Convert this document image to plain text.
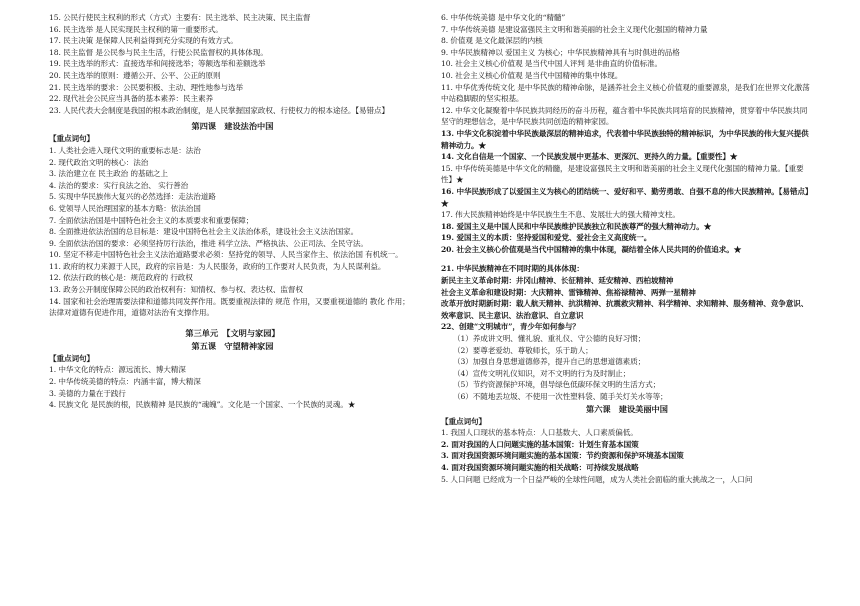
15. 公民行使民主权利的形式（方式）主要有：民主选举、民主决策、民主监督
16. 民主选举 是人民实现民主权利的第一重要形式。
17. 民主决策 是保障人民利益得到充分实现的有效方式。
18. 民主监督 是公民参与民主生活，行使公民监督权的具体体现。
19. 民主选举的形式：直接选举和间接选举；等额选举和差额选举
20. 民主选举的原则：遵循公开、公平、公正的原则
21. 民主选举的要求：公民要积极、主动、理性地参与选举
22. 现代社会公民应当具备的基本素养：民主素养
23. 人民代表大会制度是我国的根本政治制度，是人民掌握国家政权、行使权力的根本途径。【易错点】
第四课　建设法治中国
【重点词句】
1. 人类社会进入现代文明的重要标志是：法治
2. 现代政治文明的核心：法治
3. 法治建立在 民主政治 的基础之上
4. 法治的要求：实行良法之治、 实行善治
5. 实现中华民族伟大复兴的必然选择：走法治道路
6. 党领导人民治理国家的基本方略：依法治国
7. 全面依法治国是中国特色社会主义的本质要求和重要保障；
8. 全面推进依法治国的总目标是：建设中国特色社会主义法治体系，建设社会主义法治国家。
9. 全面依法治国的要求：必须坚持厉行法治，推进 科学立法、严格执法、公正司法、全民守法。
10. 坚定不移走中国特色社会主义法治道路要求必须：坚持党的领导、人民当家作主、依法治国 有机统一。
11. 政府的权力来源于人民，政府的宗旨是：为人民服务，政府的工作要对人民负责，为人民谋利益。
12. 依法行政的核心是：规范政府的 行政权
13. 政务公开制度保障公民的政治权利有：知情权、参与权、表达权、监督权
14. 国家和社会治理需要法律和道德共同发挥作用。既要重视法律的 规范 作用，又要重视道德的 教化 作用；法律对道德有促进作用，道德对法治有支撑作用。
第三单元　【文明与家园】
第五课　守望精神家园
【重点词句】
1. 中华文化的特点：源远流长、博大精深
2. 中华传统美德的特点：内涵丰富，博大精深
3. 美德的力量在于践行
4. 民族文化 是民族的根，民族精神 是民族的“魂魄”。文化是一个国家、一个民族的灵魂。★
6. 中华传统美德 是中华文化的“精髓”
7. 中华传统美德 是建设富强民主文明和谐美丽的社会主义现代化强国的精神力量
8. 价值观 是文化最深层的内核
9. 中华民族精神以 爱国主义 为核心；中华民族精神具有与时俱进的品格
10. 社会主义核心价值观 是当代中国人评判 是非曲直的价值标准。
10. 社会主义核心价值观 是当代中国精神的集中体现。
11. 中华优秀传统文化 是中华民族的精神命脉，是涵养社会主义核心价值观的重要源泉，是我们在世界文化激荡中站稳脚跟的坚实根基。
12. 中华文化凝聚着中华民族共同经历的奋斗历程，蕴含着中华民族共同培育的民族精神，贯穿着中华民族共同坚守的理想信念，是中华民族共同创造的精神家园。
13. 中华文化积淀着中华民族最深层的精神追求，代表着中华民族独特的精神标识，为中华民族的伟大复兴提供精神动力。★
14. 文化自信是一个国家、一个民族发展中更基本、更深沉、更持久的力量。【重要性】★
15. 中华传统美德是中华文化的精髓，是建设富强民主文明和谐美丽的社会主义现代化强国的精神力量。【重要性】★
16. 中华民族形成了以爱国主义为核心的团结统一、爱好和平、勤劳勇敢、自强不息的伟大民族精神。【易错点】★
17. 伟大民族精神始终是中华民族生生不息、发展壮大的强大精神支柱。
18. 爱国主义是中国人民和中华民族维护民族独立和民族尊严的强大精神动力。★
19. 爱国主义的本质：坚持爱国和爱党、爱社会主义高度统一。
20. 社会主义核心价值观是当代中国精神的集中体现，凝结着全体人民共同的价值追求。★
21. 中华民族精神在不同时期的具体体现：
新民主主义革命时期：井冈山精神、长征精神、延安精神、西柏坡精神
社会主义革命和建设时期：大庆精神、雷锋精神、焦裕禄精神、两弹一星精神
改革开放时期新时期：载人航天精神、抗洪精神、抗震救灾精神、科学精神、求知精神、服务精神、竞争意识、效率意识、民主意识、法治意识、自立意识
22、创建“文明城市”，青少年如何参与？
（1）养成讲文明、懂礼貌、重礼仪、守公德的良好习惯；
（2）要尊老爱幼、尊敬师长，乐于助人；
（3）加强自身思想道德修养，提升自己的思想道德素质；
（4）宣传文明礼仪知识，对不文明的行为及时制止；
（5）节约资源保护环境，倡导绿色低碳环保文明的生活方式；
（6）不随地丢垃圾、不使用一次性塑料袋、随手关灯关水等等；
第六课　建设美丽中国
【重点词句】
1. 我国人口现状的基本特点：人口基数大、人口素质偏低。
2. 面对我国的人口问题实施的基本国策：计划生育基本国策
3. 面对我国资源环境问题实施的基本国策：节约资源和保护环境基本国策
4. 面对我国资源环境问题实施的相关战略：可持续发展战略
5. 人口问题 已经成为一个日益严峻的全球性问题，成为人类社会面临的重大挑战之一，人口问
